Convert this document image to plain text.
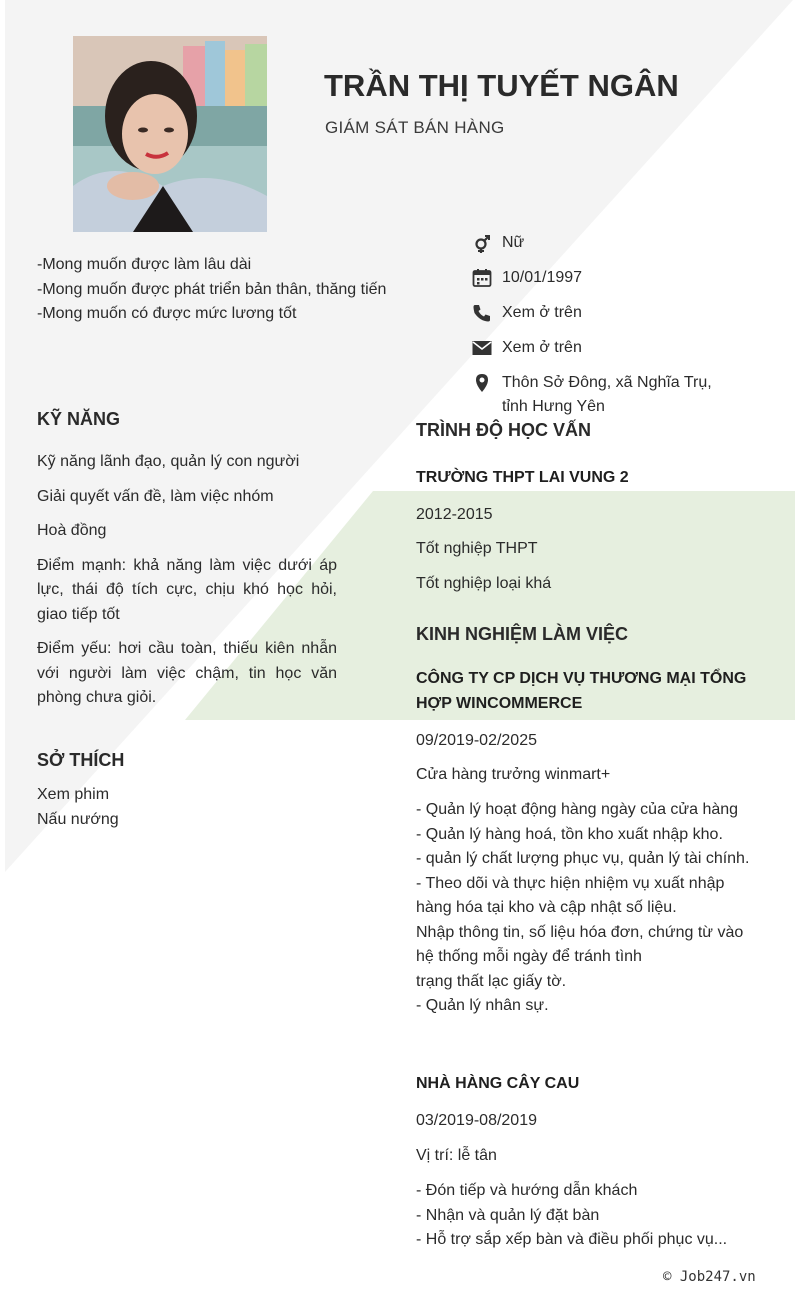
TRẦN THỊ TUYẾT NGÂN
GIÁM SÁT BÁN HÀNG
-Mong muốn được làm lâu dài
-Mong muốn được phát triển bản thân, thăng tiến
-Mong muốn có được mức lương tốt
Nữ
10/01/1997
Xem ở trên
Xem ở trên
Thôn Sở Đông, xã Nghĩa Trụ,
tỉnh Hưng Yên
KỸ NĂNG
Kỹ năng lãnh đạo, quản lý con người
Giải quyết vấn đề, làm việc nhóm
Hoà đồng
Điểm mạnh: khả năng làm việc dưới áp lực, thái độ tích cực, chịu khó học hỏi, giao tiếp tốt
Điểm yếu: hơi cầu toàn, thiếu kiên nhẫn với người làm việc chậm, tin học văn phòng chưa giỏi.
SỞ THÍCH
Xem phim
Nấu nướng
TRÌNH ĐỘ HỌC VẤN
TRƯỜNG THPT LAI VUNG 2
2012-2015
Tốt nghiệp THPT
Tốt nghiệp loại khá
KINH NGHIỆM LÀM VIỆC
CÔNG TY CP DỊCH VỤ THƯƠNG MẠI TỔNG
HỢP WINCOMMERCE
09/2019-02/2025
Cửa hàng trưởng winmart+
- Quản lý hoạt động hàng ngày của cửa hàng
- Quản lý hàng hoá, tồn kho xuất nhập kho.
- quản lý chất lượng phục vụ, quản lý tài chính.
- Theo dõi và thực hiện nhiệm vụ xuất nhập
hàng hóa tại kho và cập nhật số liệu.
Nhập thông tin, số liệu hóa đơn, chứng từ vào
hệ thống mỗi ngày để tránh tình
trạng thất lạc giấy tờ.
- Quản lý nhân sự.
NHÀ HÀNG CÂY CAU
03/2019-08/2019
Vị trí: lễ tân
- Đón tiếp và hướng dẫn khách
- Nhận và quản lý đặt bàn
- Hỗ trợ sắp xếp bàn và điều phối phục vụ...
© Job247.vn
